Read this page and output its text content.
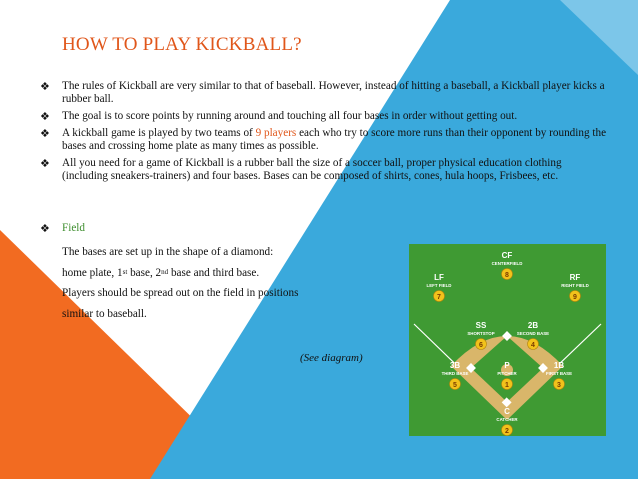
HOW TO PLAY KICKBALL?
❖ The rules of Kickball are very similar to that of baseball. However, instead of hitting a baseball, a Kickball player kicks a rubber ball.
❖ The goal is to score points by running around and touching all four bases in order without getting out.
❖ A kickball game is played by two teams of 9 players each who try to score more runs than their opponent by rounding the bases and crossing home plate as many times as possible.
❖ All you need for a game of Kickball is a rubber ball the size of a soccer ball, proper physical education clothing (including sneakers-trainers) and four bases. Bases can be composed of shirts, cones, hula hoops, Frisbees, etc.
❖ Field
The bases are set up in the shape of a diamond:
home plate, 1st base, 2nd base and third base.
Players should be spread out on the field in positions
similar to baseball.
(See diagram)
CF
CENTERFIELD
8
LF
LEFT FIELD
7
RF
RIGHT FIELD
9
SS
SHORTSTOP
6
2B
SECOND BASE
4
3B
THIRD BASE
5
P
PITCHER
1
1B
FIRST BASE
3
C
CATCHER
2
